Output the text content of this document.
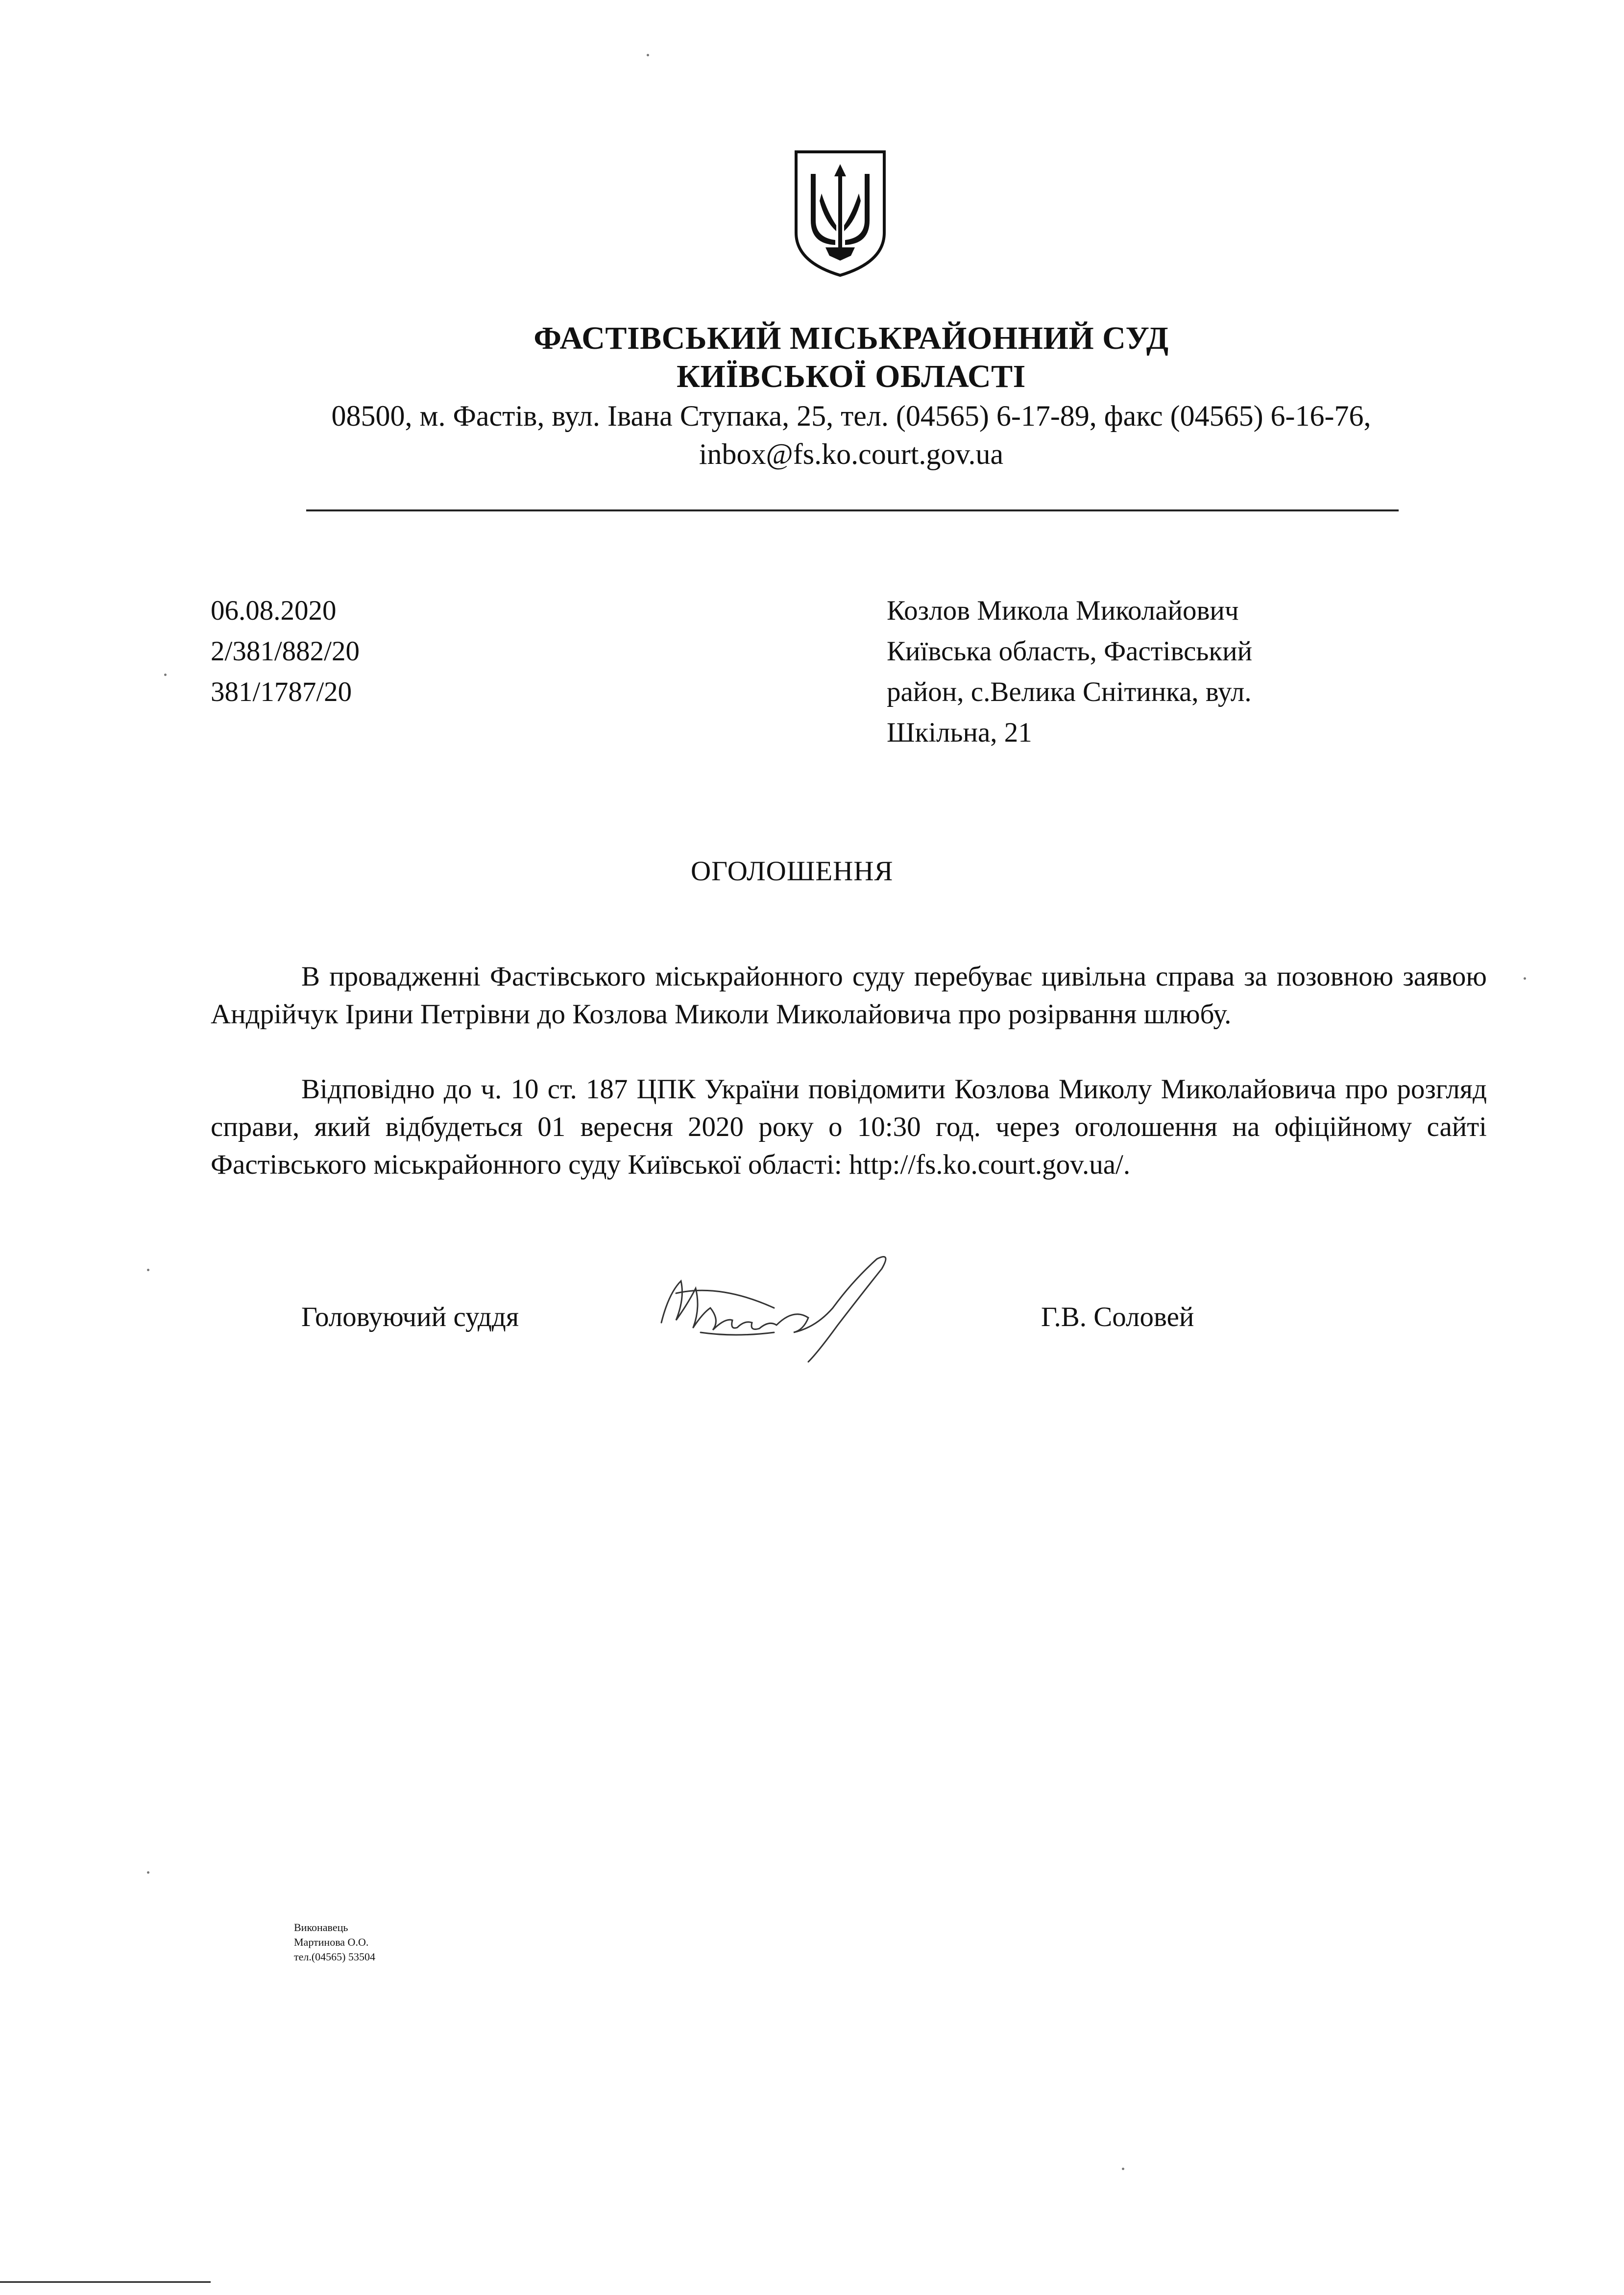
ФАСТІВСЬКИЙ МІСЬКРАЙОННИЙ СУД
КИЇВСЬКОЇ ОБЛАСТІ
08500, м. Фастів, вул. Івана Ступака, 25, тел. (04565) 6-17-89, факс (04565) 6-16-76,
inbox@fs.ko.court.gov.ua
06.08.2020
2/381/882/20
381/1787/20
Козлов Микола Миколайович
Київська область, Фастівський
район, с.Велика Снітинка, вул.
Шкільна, 21
ОГОЛОШЕННЯ

В провадженні Фастівського міськрайонного суду перебуває цивільна справа за позовною заявою Андрійчук Ірини Петрівни до Козлова Миколи Миколайовича про розірвання шлюбу.

Відповідно до ч. 10 ст. 187 ЦПК України повідомити Козлова Миколу Миколайовича про розгляд справи, який відбудеться 01 вересня 2020 року о 10:30 год. через оголошення на офіційному сайті Фастівського міськрайонного суду Київської області: http://fs.ko.court.gov.ua/.

Головуючий суддя	Г.В. Соловей
Виконавець
Мартинова О.О.
тел.(04565) 53504
